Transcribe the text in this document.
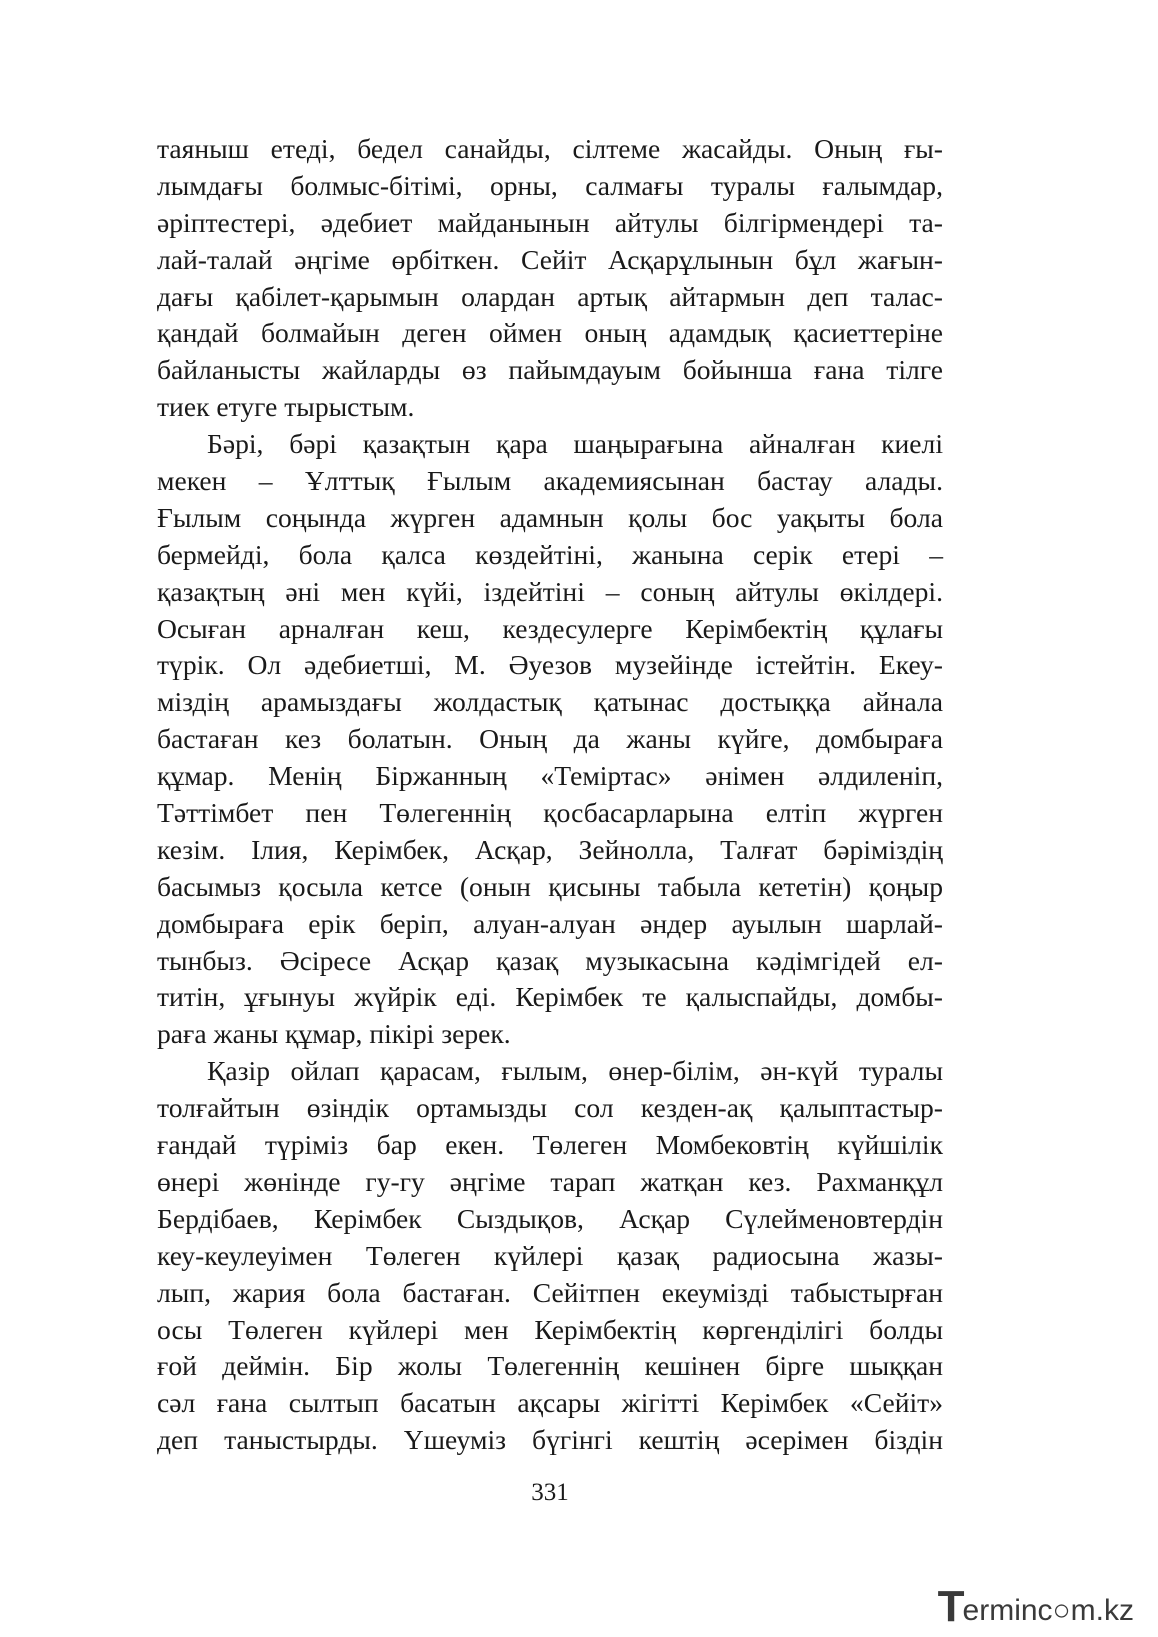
таяныш етеді, бедел санайды, сілтеме жасайды. Оның ғы-
лымдағы болмыс-бітімі, орны, салмағы туралы ғалымдар,
әріптестері, әдебиет майданынын айтулы білгірмендері та-
лай-талай әңгіме өрбіткен. Сейіт Асқарұлынын бұл жағын-
дағы қабілет-қарымын олардан артық айтармын деп талас-
қандай болмайын деген оймен оның адамдық қасиеттеріне
байланысты жайларды өз пайымдауым бойынша ғана тілге
тиек етуге тырыстым.
Бәрі, бәрі қазақтын қара шаңырағына айналған киелі
мекен – Ұлттық Ғылым академиясынан бастау алады.
Ғылым соңында жүрген адамнын қолы бос уақыты бола
бермейді, бола қалса көздейтіні, жанына серік етері –
қазақтың әні мен күйі, іздейтіні – соның айтулы өкілдері.
Осыған арналған кеш, кездесулерге Керімбектің құлағы
түрік. Ол әдебиетші, М. Әуезов музейінде істейтін. Екеу-
міздің арамыздағы жолдастық қатынас достыққа айнала
бастаған кез болатын. Оның да жаны күйге, домбыраға
құмар. Менің Біржанның «Теміртас» әнімен әлдиленіп,
Тәттімбет пен Төлегеннің қосбасарларына елтіп жүрген
кезім. Ілия, Керімбек, Асқар, Зейнолла, Талғат бәріміздің
басымыз қосыла кетсе (онын қисыны табыла кететін) қоңыр
домбыраға ерік беріп, алуан-алуан әндер ауылын шарлай-
тынбыз. Әсіресе Асқар қазақ музыкасына кәдімгідей ел-
титін, ұғынуы жүйрік еді. Керімбек те қалыспайды, домбы-
раға жаны құмар, пікірі зерек.
Қазір ойлап қарасам, ғылым, өнер-білім, ән-күй туралы
толғайтын өзіндік ортамызды сол кезден-ақ қалыптастыр-
ғандай түріміз бар екен. Төлеген Момбековтің күйшілік
өнері жөнінде гу-гу әңгіме тарап жатқан кез. Рахманқұл
Бердібаев, Керімбек Сыздықов, Асқар Сүлейменовтердін
кеу-кеулеуімен Төлеген күйлері қазақ радиосына жазы-
лып, жария бола бастаған. Сейітпен екеумізді табыстырған
осы Төлеген күйлері мен Керімбектің көргенділігі болды
ғой деймін. Бір жолы Төлегеннің кешінен бірге шыққан
сәл ғана сылтып басатын ақсары жігітті Керімбек «Сейіт»
деп таныстырды. Үшеуміз бүгінгі кештің әсерімен біздін
331
T
erminc○m.kz
